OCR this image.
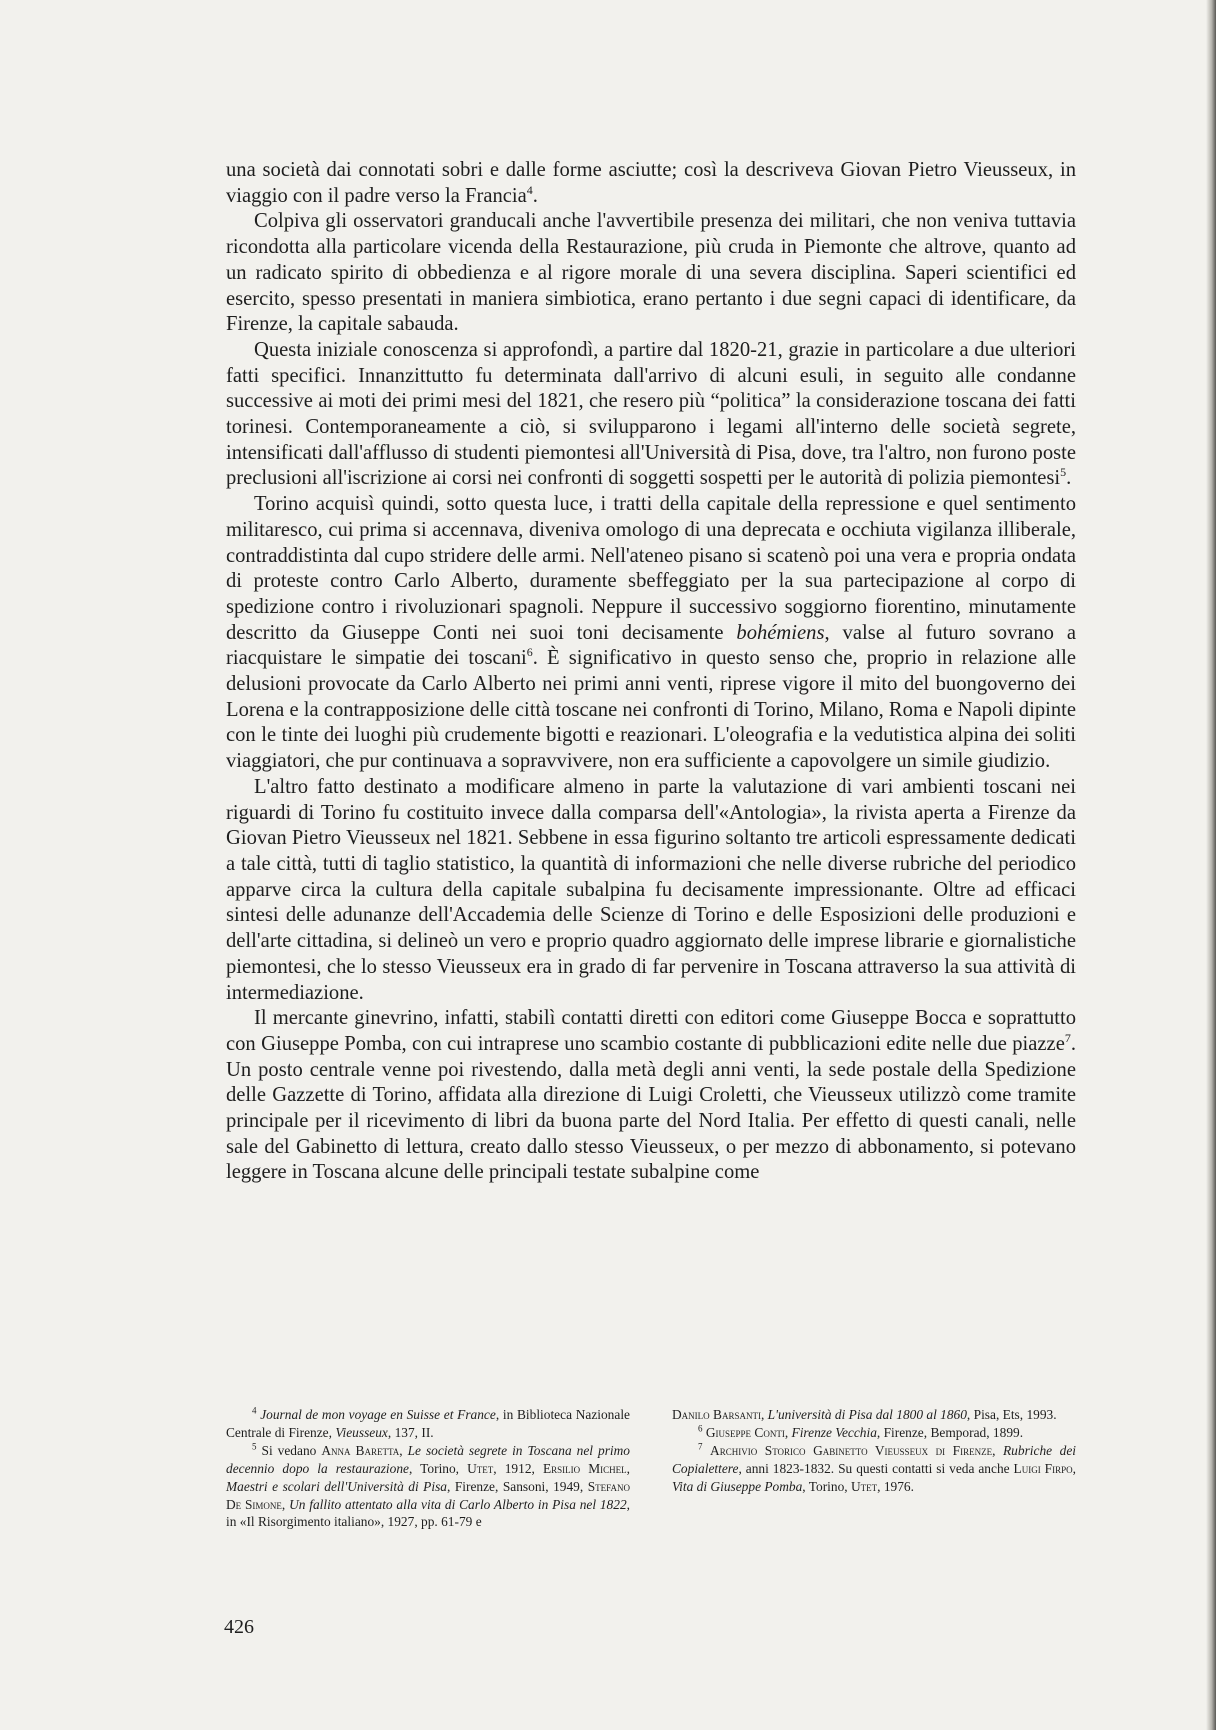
una società dai connotati sobri e dalle forme asciutte; così la descriveva Giovan Pietro Vieusseux, in viaggio con il padre verso la Francia$^4$.

Colpiva gli osservatori granducali anche l'avvertibile presenza dei militari, che non veniva tuttavia ricondotta alla particolare vicenda della Restaurazione, più cruda in Piemonte che altrove, quanto ad un radicato spirito di obbedienza e al rigore morale di una severa disciplina. Saperi scientifici ed esercito, spesso presentati in maniera simbiotica, erano pertanto i due segni capaci di identificare, da Firenze, la capitale sabauda.

Questa iniziale conoscenza si approfondì, a partire dal 1820-21, grazie in particolare a due ulteriori fatti specifici. Innanzittutto fu determinata dall'arrivo di alcuni esuli, in seguito alle condanne successive ai moti dei primi mesi del 1821, che resero più “politica” la considerazione toscana dei fatti torinesi. Contemporaneamente a ciò, si svilupparono i legami all'interno delle società segrete, intensificati dall'afflusso di studenti piemontesi all'Università di Pisa, dove, tra l'altro, non furono poste preclusioni all'iscrizione ai corsi nei confronti di soggetti sospetti per le autorità di polizia piemontesi$^5$.

Torino acquisì quindi, sotto questa luce, i tratti della capitale della repressione e quel sentimento militaresco, cui prima si accennava, diveniva omologo di una deprecata e occhiuta vigilanza illiberale, contraddistinta dal cupo stridere delle armi. Nell'ateneo pisano si scatenò poi una vera e propria ondata di proteste contro Carlo Alberto, duramente sbeffeggiato per la sua partecipazione al corpo di spedizione contro i rivoluzionari spagnoli. Neppure il successivo soggiorno fiorentino, minutamente descritto da Giuseppe Conti nei suoi toni decisamente bohémiens, valse al futuro sovrano a riacquistare le simpatie dei toscani$^6$. È significativo in questo senso che, proprio in relazione alle delusioni provocate da Carlo Alberto nei primi anni venti, riprese vigore il mito del buongoverno dei Lorena e la contrapposizione delle città toscane nei confronti di Torino, Milano, Roma e Napoli dipinte con le tinte dei luoghi più crudemente bigotti e reazionari. L'oleografia e la vedutistica alpina dei soliti viaggiatori, che pur continuava a sopravvivere, non era sufficiente a capovolgere un simile giudizio.

L'altro fatto destinato a modificare almeno in parte la valutazione di vari ambienti toscani nei riguardi di Torino fu costituito invece dalla comparsa dell'«Antologia», la rivista aperta a Firenze da Giovan Pietro Vieusseux nel 1821. Sebbene in essa figurino soltanto tre articoli espressamente dedicati a tale città, tutti di taglio statistico, la quantità di informazioni che nelle diverse rubriche del periodico apparve circa la cultura della capitale subalpina fu decisamente impressionante. Oltre ad efficaci sintesi delle adunanze dell'Accademia delle Scienze di Torino e delle Esposizioni delle produzioni e dell'arte cittadina, si delineò un vero e proprio quadro aggiornato delle imprese librarie e giornalistiche piemontesi, che lo stesso Vieusseux era in grado di far pervenire in Toscana attraverso la sua attività di intermediazione.

Il mercante ginevrino, infatti, stabilì contatti diretti con editori come Giuseppe Bocca e soprattutto con Giuseppe Pomba, con cui intraprese uno scambio costante di pubblicazioni edite nelle due piazze$^7$. Un posto centrale venne poi rivestendo, dalla metà degli anni venti, la sede postale della Spedizione delle Gazzette di Torino, affidata alla direzione di Luigi Croletti, che Vieusseux utilizzò come tramite principale per il ricevimento di libri da buona parte del Nord Italia. Per effetto di questi canali, nelle sale del Gabinetto di lettura, creato dallo stesso Vieusseux, o per mezzo di abbonamento, si potevano leggere in Toscana alcune delle principali testate subalpine come

$^4$ Journal de mon voyage en Suisse et France, in Biblioteca Nazionale Centrale di Firenze, Vieusseux, 137, II.

$^5$ Si vedano Anna Baretta, Le società segrete in Toscana nel primo decennio dopo la restaurazione, Torino, Utet, 1912, Ersilio Michel, Maestri e scolari dell'Università di Pisa, Firenze, Sansoni, 1949, Stefano De Simone, Un fallito attentato alla vita di Carlo Alberto in Pisa nel 1822, in «Il Risorgimento italiano», 1927, pp. 61-79 e

Danilo Barsanti, L'università di Pisa dal 1800 al 1860, Pisa, Ets, 1993.

$^6$ Giuseppe Conti, Firenze Vecchia, Firenze, Bemporad, 1899.

$^7$ Archivio Storico Gabinetto Vieusseux di Firenze, Rubriche dei Copialettere, anni 1823-1832. Su questi contatti si veda anche Luigi Firpo, Vita di Giuseppe Pomba, Torino, Utet, 1976.

426
